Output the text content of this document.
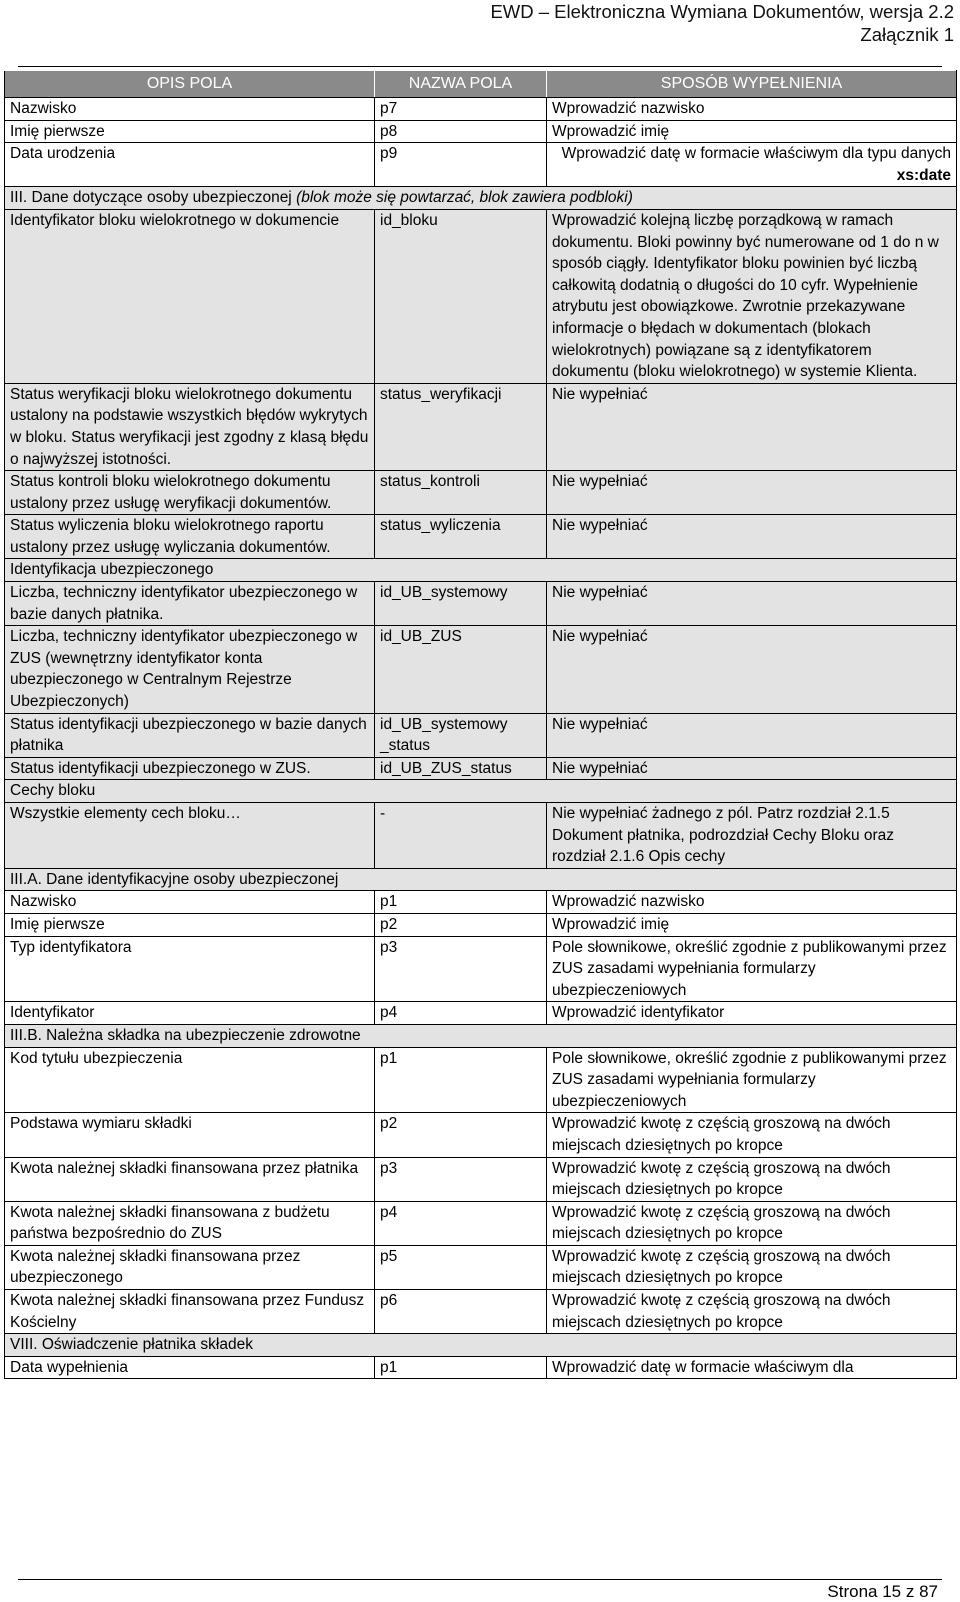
EWD – Elektroniczna Wymiana Dokumentów, wersja 2.2
Załącznik 1
OPIS POLA	NAZWA POLA	SPOSÓB WYPEŁNIENIA
Nazwisko	p7	Wprowadzić nazwisko
Imię pierwsze	p8	Wprowadzić imię
Data urodzenia	p9	Wprowadzić datę w formacie właściwym dla typu danych xs:date

III. Dane dotyczące osoby ubezpieczonej (blok może się powtarzać, blok zawiera podbloki)		
Identyfikator bloku wielokrotnego w dokumencie	id_bloku	Wprowadzić kolejną liczbę porządkową w ramach dokumentu. Bloki powinny być numerowane od 1 do n w sposób ciągły. Identyfikator bloku powinien być liczbą całkowitą dodatnią o długości do 10 cyfr. Wypełnienie atrybutu jest obowiązkowe. Zwrotnie przekazywane informacje o błędach w dokumentach (blokach wielokrotnych) powiązane są z identyfikatorem dokumentu (bloku wielokrotnego) w systemie Klienta.
Status weryfikacji bloku wielokrotnego dokumentu ustalony na podstawie wszystkich błędów wykrytych w bloku. Status weryfikacji jest zgodny z klasą błędu o najwyższej istotności.	status_weryfikacji	Nie wypełniać
Status kontroli bloku wielokrotnego dokumentu ustalony przez usługę weryfikacji dokumentów.	status_kontroli	Nie wypełniać
Status wyliczenia bloku wielokrotnego raportu ustalony przez usługę wyliczania dokumentów.	status_wyliczenia	Nie wypełniać
Identyfikacja ubezpieczonego		
Liczba, techniczny identyfikator ubezpieczonego w bazie danych płatnika.	id_UB_systemowy	Nie wypełniać
Liczba, techniczny identyfikator ubezpieczonego w ZUS (wewnętrzny identyfikator konta ubezpieczonego w Centralnym Rejestrze Ubezpieczonych)	id_UB_ZUS	Nie wypełniać
Status identyfikacji ubezpieczonego w bazie danych płatnika	id_UB_systemowy _status	Nie wypełniać
Status identyfikacji ubezpieczonego w ZUS.	id_UB_ZUS_status	Nie wypełniać
Cechy bloku		
Wszystkie elementy cech bloku…	-	Nie wypełniać żadnego z pól. Patrz rozdział 2.1.5 Dokument płatnika, podrozdział Cechy Bloku oraz rozdział 2.1.6 Opis cechy
III.A. Dane identyfikacyjne osoby ubezpieczonej		
Nazwisko	p1	Wprowadzić nazwisko
Imię pierwsze	p2	Wprowadzić imię
Typ identyfikatora	p3	Pole słownikowe, określić zgodnie z publikowanymi przez ZUS zasadami wypełniania formularzy ubezpieczeniowych
Identyfikator	p4	Wprowadzić identyfikator
III.B. Należna składka na ubezpieczenie zdrowotne		
Kod tytułu ubezpieczenia	p1	Pole słownikowe, określić zgodnie z publikowanymi przez ZUS zasadami wypełniania formularzy ubezpieczeniowych
Podstawa wymiaru składki	p2	Wprowadzić kwotę z częścią groszową na dwóch miejscach dziesiętnych po kropce
Kwota należnej składki finansowana przez płatnika	p3	Wprowadzić kwotę z częścią groszową na dwóch miejscach dziesiętnych po kropce
Kwota należnej składki finansowana z budżetu państwa bezpośrednio do ZUS	p4	Wprowadzić kwotę z częścią groszową na dwóch miejscach dziesiętnych po kropce
Kwota należnej składki finansowana przez ubezpieczonego	p5	Wprowadzić kwotę z częścią groszową na dwóch miejscach dziesiętnych po kropce
Kwota należnej składki finansowana przez Fundusz Kościelny	p6	Wprowadzić kwotę z częścią groszową na dwóch miejscach dziesiętnych po kropce
VIII. Oświadczenie płatnika składek		
Data wypełnienia	p1	Wprowadzić datę w formacie właściwym dla
Strona 15 z 87
